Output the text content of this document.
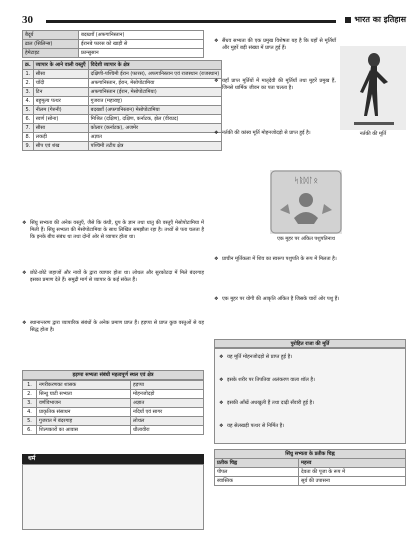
30	भारत का इतिहास
बैदूर्य	बदख्शाँ (अफगानिस्तान)
ढाल (सिलिन्स)	ईरानबे फारस को खाड़ी से
हेमेटाइट	फ्रान्सुसान
क्र.	व्यापार के आने वाली वस्तुएँ	विदेशी व्यापार के क्षेत्र
1.	सीसा	दक्षिणी-पश्चिमी ईरान (फारस), अफगानिस्तान एवं राजस्थान (राजस्थान)
2.	चाँदी	अफगानिस्तान, ईरान, मेसोपोटामिया
3.	टिन	अफगानिस्तान (ईरान, मेसोपोटामिया)
4.	बहुमूल्य पत्थर	गुजरात (महाराष्ट्र)
5.	नीलम (गेरुनी)	बदख्शाँ (अफगानिस्तान) मेसोपोटामिया
6.	स्वर्ण (सोना)	मिश्रित (दक्षिण), दक्षिण, कर्नाटक, झेल (वीरप्रद)
7.	सीसा	कोलार (कर्नाटक), अजमेर
8.	लकड़ी	अज्ञात
9.	सीप एवं शंख	पश्चिमी तटीय क्षेत्र

❖ सिंधु सभ्यता की अनेक वस्तुएँ, जैसे कि कंघी, ग्रुप के ज्ञान तथा धातु की वस्तुएँ मेसोपोटामिया में मिली हैं। सिंधु सभ्यता की मेसोपोटामिया के साथ लिखित समझौता रहा है। तथ्यों से पता चलता है कि इनके बीच संबंध था तथा दोनों ओर से व्यापार होता था।

❖ छोटे-छोटे जहाजों और नावों के द्वारा व्यापार होता था। लोथल और सुरकोटदा में मिले बंदरगाह इसका प्रमाण देते हैं। समुद्री मार्ग से व्यापार के कई संकेत हैं।

❖ स्थानान्तरण द्वारा व्यापारिक संबंधों के अनेक प्रमाण प्राप्त हैं। हड़प्पा से प्राप्त कुछ वस्तुओं से यह सिद्ध होता है।

हड़प्पा सभ्यता संबंधी महत्वपूर्ण स्थल एवं क्षेत्र
1.	नगरीकरणका शासक	हड़प्पा
2.	सिन्धु घाटी सभ्यता	मोहनजोदड़ो
3.	वर्णविभाजन	अज्ञात
4.	प्राकृतिक संसाधन	नदियाँ एवं सागर
5.	गुजरात में बंदरगाह	लोथल
6.	शिल्पकारों का आवास	धौलावीरा
धर्म

❖ सैंधव सभ्यता की एक प्रमुख विशेषता यह है कि यहाँ से मूर्तियाँ और मुहरें बड़ी संख्या में प्राप्त हुई हैं।

❖ यहाँ प्राप्त मूर्तियों में मातृदेवी की मूर्तियाँ तथा मुहरें प्रमुख हैं, जिनसे धार्मिक जीवन का पता चलता है।

❖ नर्तकी की कांस्य मूर्ति मोहनजोदड़ो से प्राप्त हुई है।	नर्तकी की मूर्ति
ᛋᚱᛞᛚᛟ
एक मुहर पर अंकित पशुपतिनाथ

❖ प्राचीन मूर्तिकला में शिव का स्वरूप पशुपति के रूप में मिलता है।

❖ एक मुहर पर योगी की आकृति अंकित है जिसके चारों ओर पशु हैं।

पुरोहित राजा की मूर्ति

❖ यह मूर्ति मोहनजोदड़ो से प्राप्त हुई है।

❖ इसके शरीर पर तिपतिया अलंकरण वाला शॉल है।

❖ इसकी आँखें अधखुली हैं तथा दाढ़ी सँवारी हुई है।

❖ यह सेलखड़ी पत्थर से निर्मित है।

सिंधु सभ्यता के प्रतीक चिह्न
प्रतीक चिह्न	महत्त्व
पीपल	देवता की पूजा के रूप में
स्वास्तिक	सूर्य की उपासना
